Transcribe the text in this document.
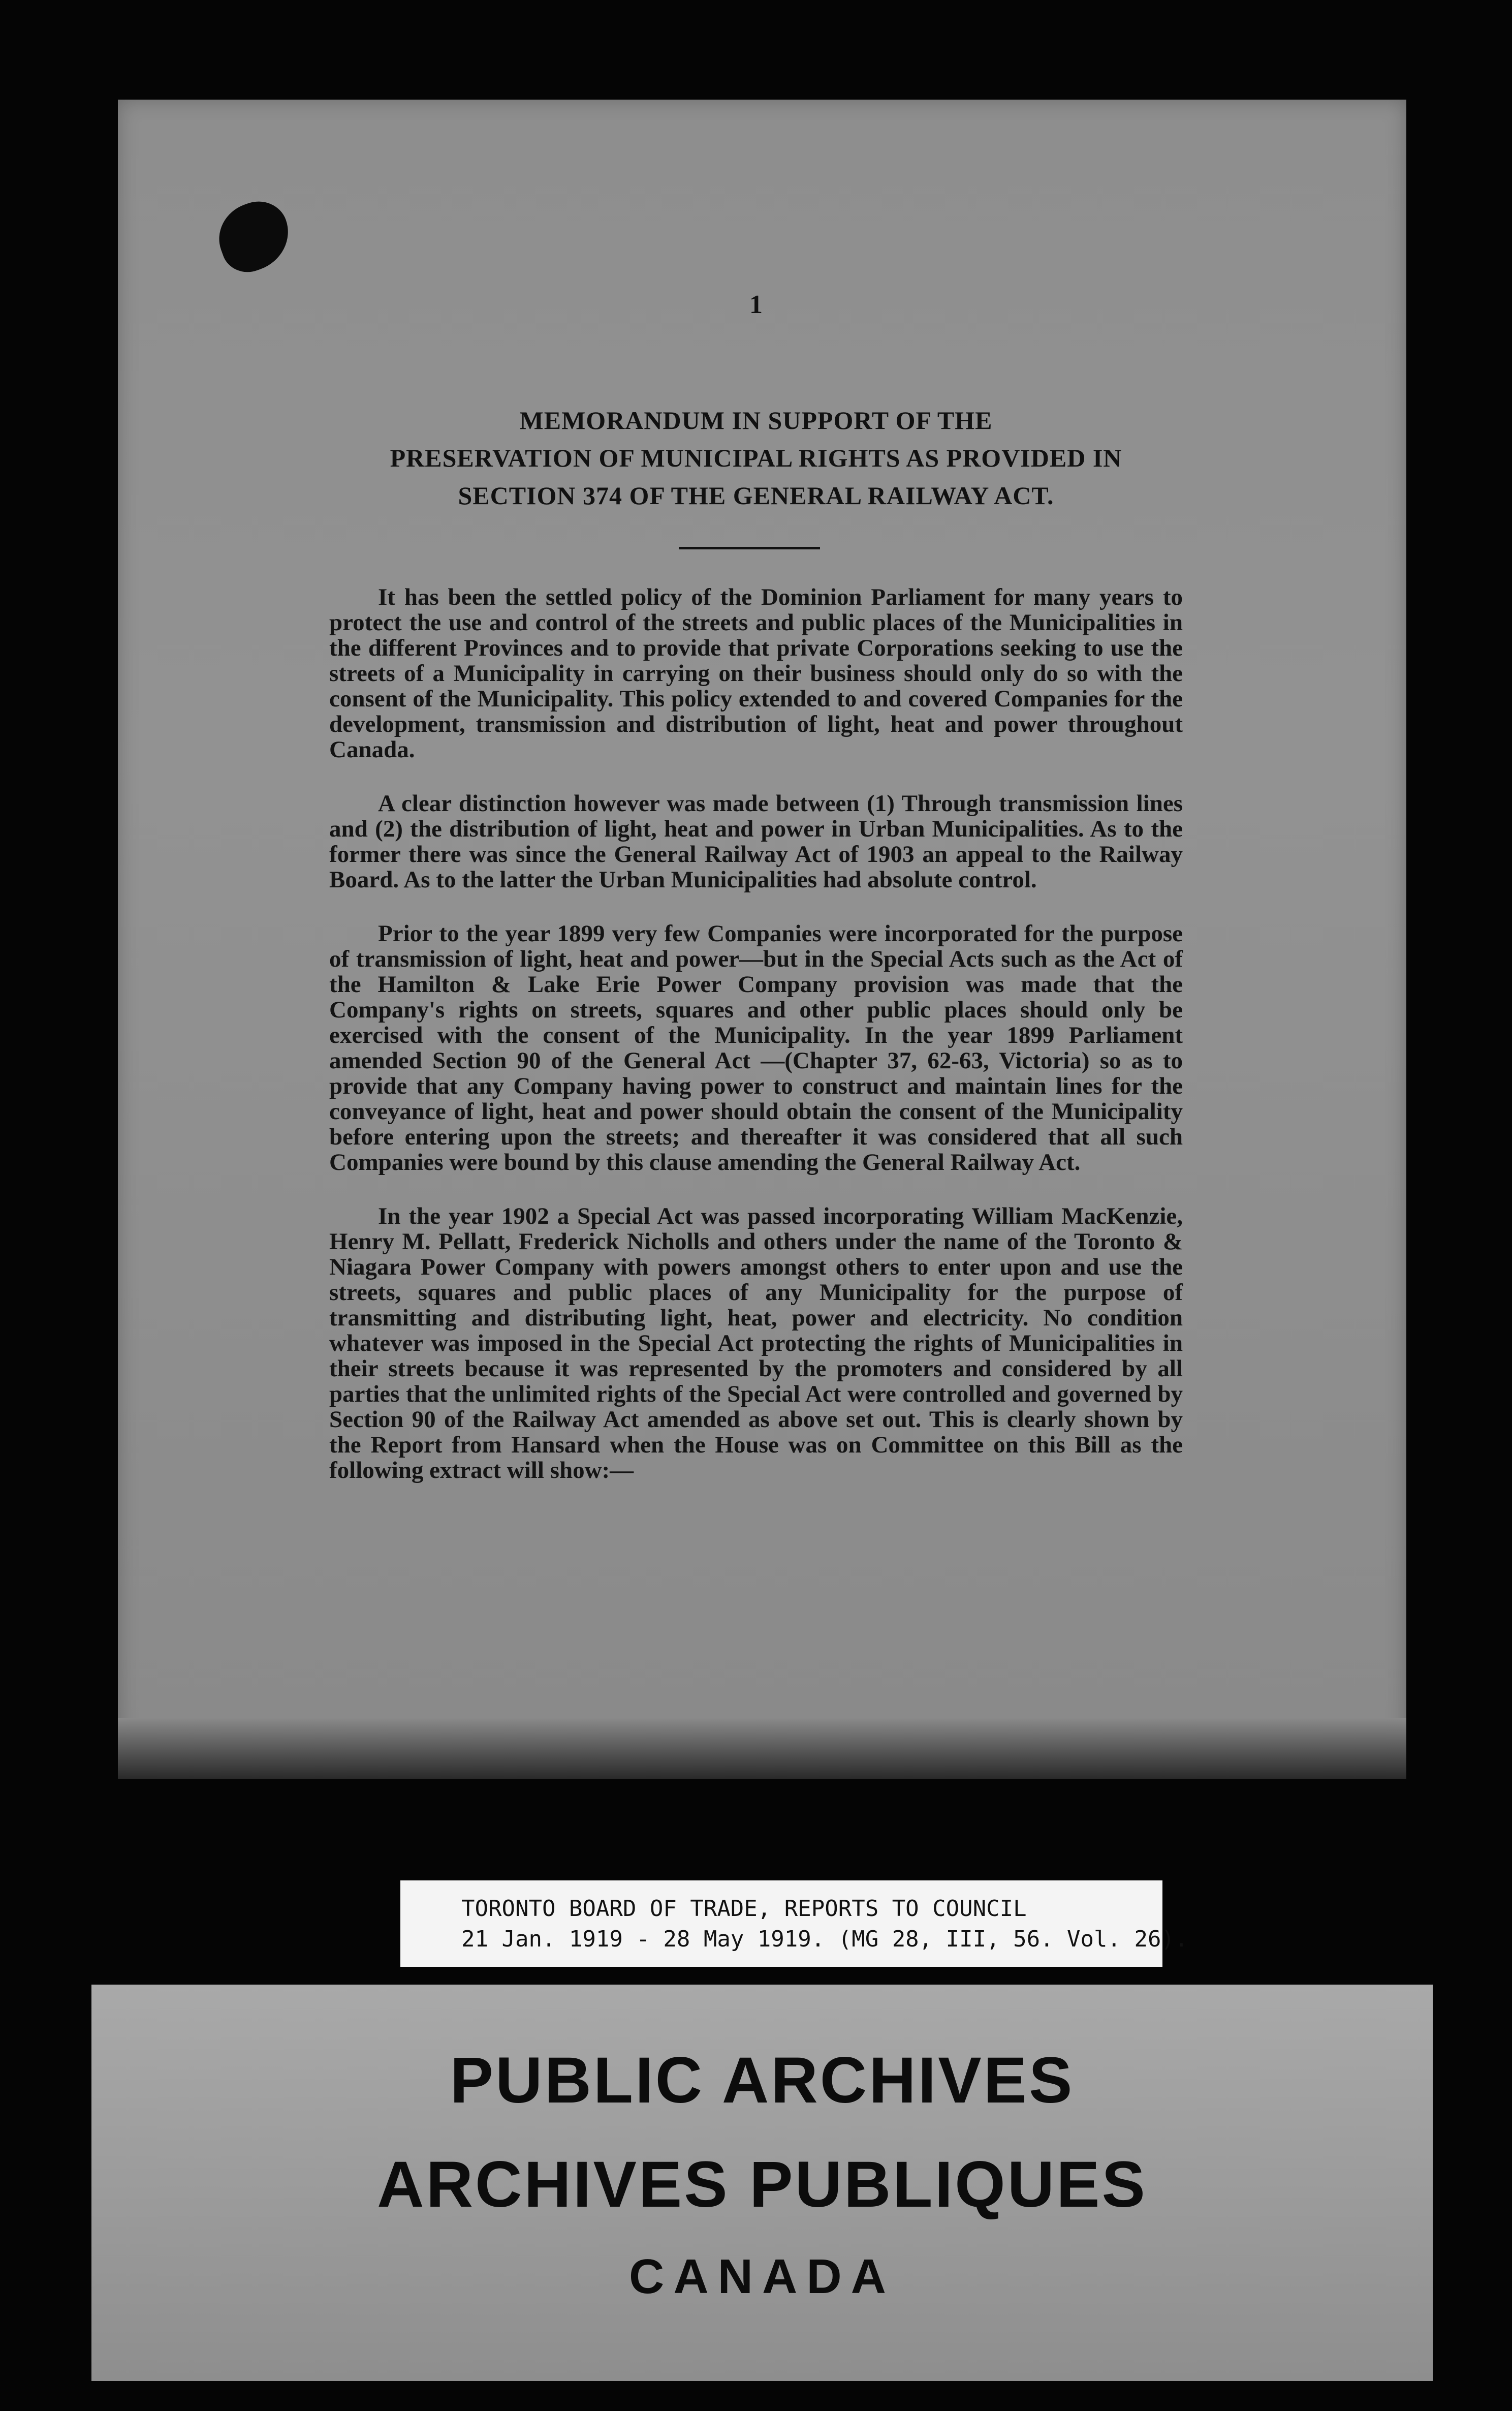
1
MEMORANDUM IN SUPPORT OF THE
PRESERVATION OF MUNICIPAL RIGHTS AS PROVIDED IN
SECTION 374 OF THE GENERAL RAILWAY ACT.

It has been the settled policy of the Dominion Parliament for many years to protect the use and control of the streets and public places of the Municipalities in the different Provinces and to provide that private Corporations seeking to use the streets of a Municipality in carrying on their business should only do so with the consent of the Municipality. This policy extended to and covered Companies for the development, transmission and distribution of light, heat and power throughout Canada.

A clear distinction however was made between (1) Through transmission lines and (2) the distribution of light, heat and power in Urban Municipalities. As to the former there was since the General Railway Act of 1903 an appeal to the Railway Board. As to the latter the Urban Municipalities had absolute control.

Prior to the year 1899 very few Companies were incorporated for the purpose of transmission of light, heat and power—but in the Special Acts such as the Act of the Hamilton & Lake Erie Power Company provision was made that the Company's rights on streets, squares and other public places should only be exercised with the consent of the Municipality. In the year 1899 Parliament amended Section 90 of the General Act —(Chapter 37, 62-63, Victoria) so as to provide that any Company having power to construct and maintain lines for the conveyance of light, heat and power should obtain the consent of the Municipality before entering upon the streets; and thereafter it was considered that all such Companies were bound by this clause amending the General Railway Act.

In the year 1902 a Special Act was passed incorporating William MacKenzie, Henry M. Pellatt, Frederick Nicholls and others under the name of the Toronto & Niagara Power Company with powers amongst others to enter upon and use the streets, squares and public places of any Municipality for the purpose of transmitting and distributing light, heat, power and electricity. No condition whatever was imposed in the Special Act protecting the rights of Municipalities in their streets because it was represented by the promoters and considered by all parties that the unlimited rights of the Special Act were controlled and governed by Section 90 of the Railway Act amended as above set out. This is clearly shown by the Report from Hansard when the House was on Committee on this Bill as the following extract will show:—

TORONTO BOARD OF TRADE, REPORTS TO COUNCIL
21 Jan. 1919 - 28 May 1919. (MG 28, III, 56. Vol. 26).
PUBLIC ARCHIVES
ARCHIVES PUBLIQUES
CANADA
